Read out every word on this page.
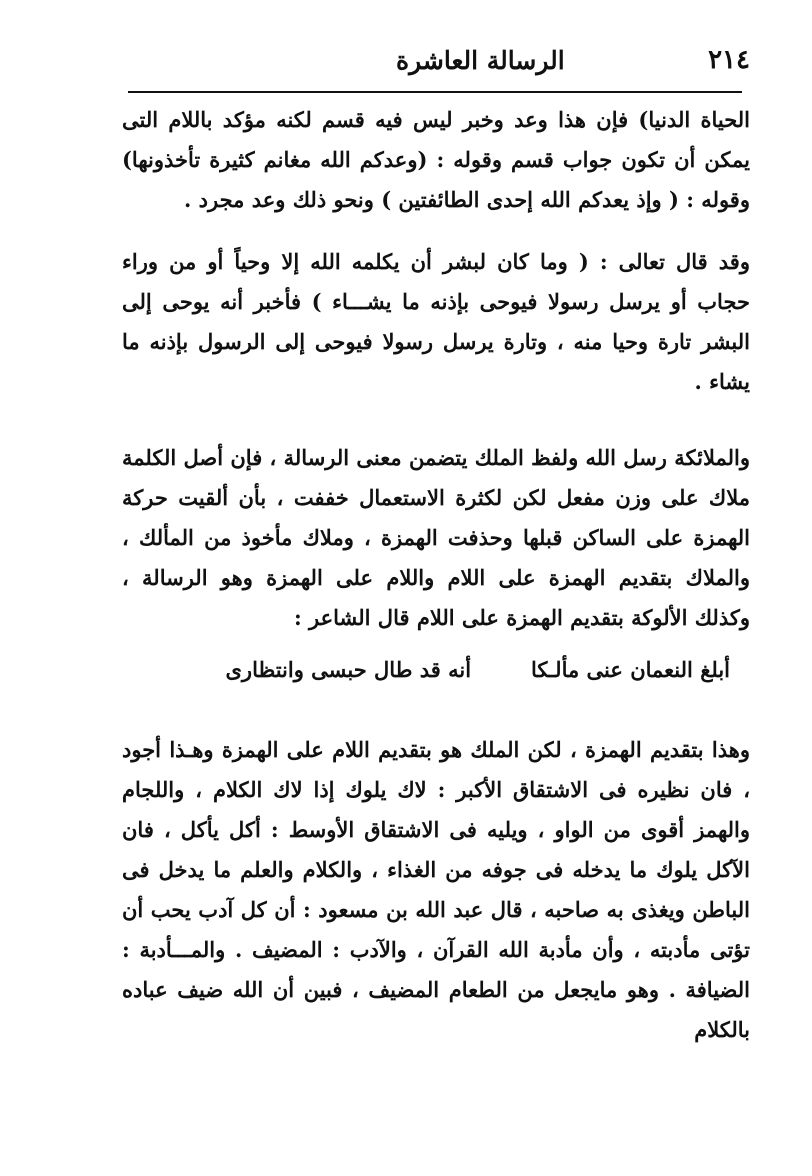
٢١٤
الرسالة العاشرة

الحياة الدنيا) فإن هذا وعد وخبر ليس فيه قسم لكنه مؤكد باللام التى يمكن أن تكون جواب قسم وقوله : (وعدكم الله مغانم كثيرة تأخذونها) وقوله : ( وإذ يعدكم الله إحدى الطائفتين ) ونحو ذلك وعد مجرد .

وقد قال تعالى : ( وما كان لبشر أن يكلمه الله إلا وحياً أو من وراء حجاب أو يرسل رسولا فيوحى بإذنه ما يشـــاء ) فأخبر أنه يوحى إلى البشر تارة وحيا منه ، وتارة يرسل رسولا فيوحى إلى الرسول بإذنه ما يشاء .

والملائكة رسل الله ولفظ الملك يتضمن معنى الرسالة ، فإن أصل الكلمة ملاك على وزن مفعل لكن لكثرة الاستعمال خففت ، بأن ألقيت حركة الهمزة على الساكن قبلها وحذفت الهمزة ، وملاك مأخوذ من المألك ، والملاك بتقديم الهمزة على اللام واللام على الهمزة وهو الرسالة ، وكذلك الألوكة بتقديم الهمزة على اللام قال الشاعر :

أبلغ النعمان عنى مألـكا
أنه قد طال حبسى وانتظارى

وهذا بتقديم الهمزة ، لكن الملك هو بتقديم اللام على الهمزة وهـذا أجود ، فان نظيره فى الاشتقاق الأكبر : لاك يلوك إذا لاك الكلام ، واللجام والهمز أقوى من الواو ، ويليه فى الاشتقاق الأوسط : أكل يأكل ، فان الآكل يلوك ما يدخله فى جوفه من الغذاء ، والكلام والعلم ما يدخل فى الباطن ويغذى به صاحبه ، قال عبد الله بن مسعود : أن كل آدب يحب أن تؤتى مأدبته ، وأن مأدبة الله القرآن ، والآدب : المضيف . والمـــأدبة : الضيافة . وهو مايجعل من الطعام المضيف ، فبين أن الله ضيف عباده بالكلام
